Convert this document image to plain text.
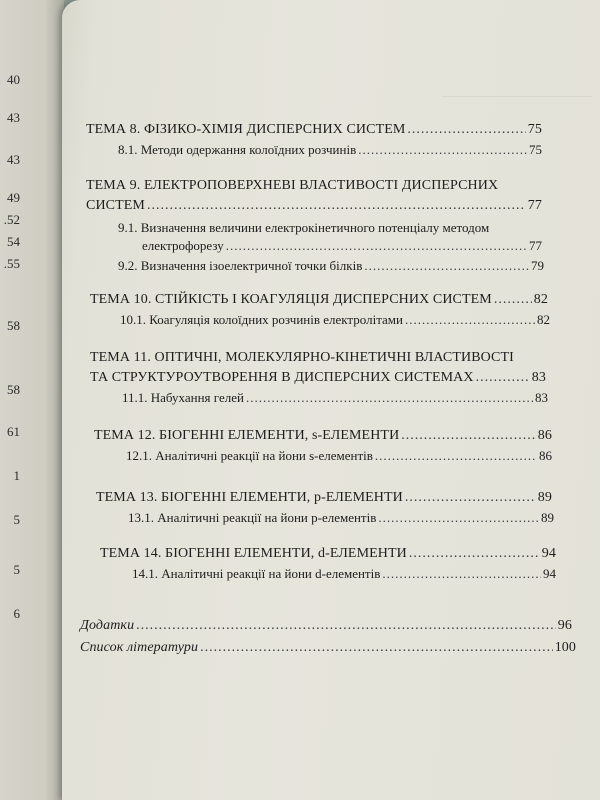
40
43
43
49
.52
54
.55
58
58
61
1
5
5
6
ТЕМА 8. ФІЗИКО-ХІМІЯ ДИСПЕРСНИХ СИСТЕМ .....	75
8.1. Методи одержання колоїдних розчинів .....	75
ТЕМА 9. ЕЛЕКТРОПОВЕРХНЕВІ ВЛАСТИВОСТІ ДИСПЕРСНИХ
СИСТЕМ .....	77
9.1. Визначення величини електрокінетичного потенціалу методом
електрофорезу .....	77
9.2. Визначення ізоелектричної точки білків .....	79
ТЕМА 10. СТІЙКІСТЬ І КОАГУЛЯЦІЯ ДИСПЕРСНИХ СИСТЕМ .....	82
10.1. Коагуляція колоїдних розчинів електролітами .....	82
ТЕМА 11. ОПТИЧНІ, МОЛЕКУЛЯРНО-КІНЕТИЧНІ ВЛАСТИВОСТІ
ТА СТРУКТУРОУТВОРЕННЯ В ДИСПЕРСНИХ СИСТЕМАХ .....	83
11.1. Набухання гелей .....	83
ТЕМА 12. БІОГЕННІ ЕЛЕМЕНТИ, s-ЕЛЕМЕНТИ .....	86
12.1. Аналітичні реакції на йони s-елементів .....	86
ТЕМА 13. БІОГЕННІ ЕЛЕМЕНТИ, p-ЕЛЕМЕНТИ .....	89
13.1. Аналітичні реакції на йони p-елементів .....	89
ТЕМА 14. БІОГЕННІ ЕЛЕМЕНТИ, d-ЕЛЕМЕНТИ .....	94
14.1. Аналітичні реакції на йони d-елементів .....	94
Додатки .....	96
Список літератури .....	100
